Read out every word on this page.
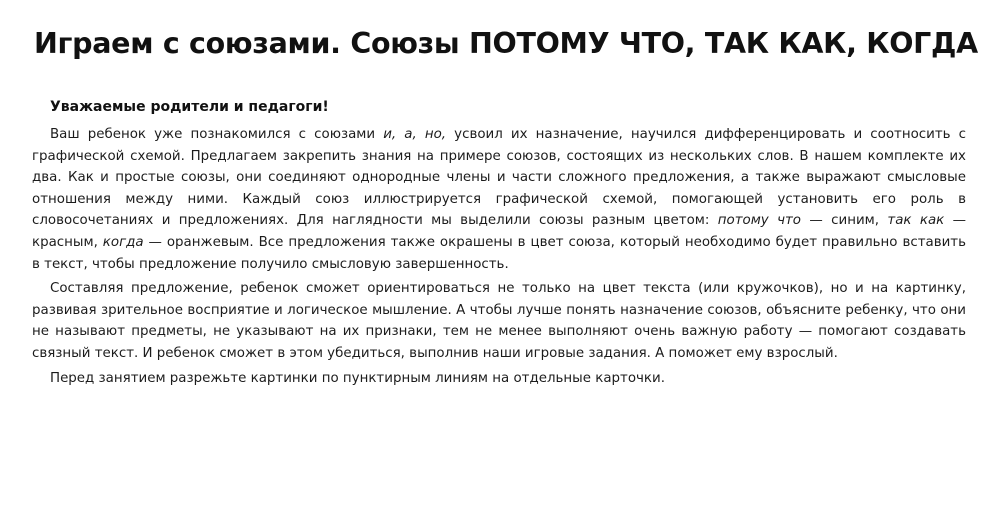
Играем с союзами. Союзы ПОТОМУ ЧТО, ТАК КАК, КОГДА

Уважаемые родители и педагоги!

Ваш ребенок уже познакомился с союзами и, а, но, усвоил их назначение, научился дифференцировать и соотносить с графической схемой. Предлагаем закрепить знания на примере союзов, состоящих из нескольких слов. В нашем комплекте их два. Как и простые союзы, они соединяют однородные члены и части сложного предложения, а также выражают смысловые отношения между ними. Каждый союз иллюстрируется графической схемой, помогающей установить его роль в словосочетаниях и предложениях. Для наглядности мы выделили союзы разным цветом: потому что — синим, так как — красным, когда — оранжевым. Все предложения также окрашены в цвет союза, который необходимо будет правильно вставить в текст, чтобы предложение получило смысловую завершенность.

Составляя предложение, ребенок сможет ориентироваться не только на цвет текста (или кружочков), но и на картинку, развивая зрительное восприятие и логическое мышление. А чтобы лучше понять назначение союзов, объясните ребенку, что они не называют предметы, не указывают на их признаки, тем не менее выполняют очень важную работу — помогают создавать связный текст. И ребенок сможет в этом убедиться, выполнив наши игровые задания. А поможет ему взрослый.

Перед занятием разрежьте картинки по пунктирным линиям на отдельные карточки.
